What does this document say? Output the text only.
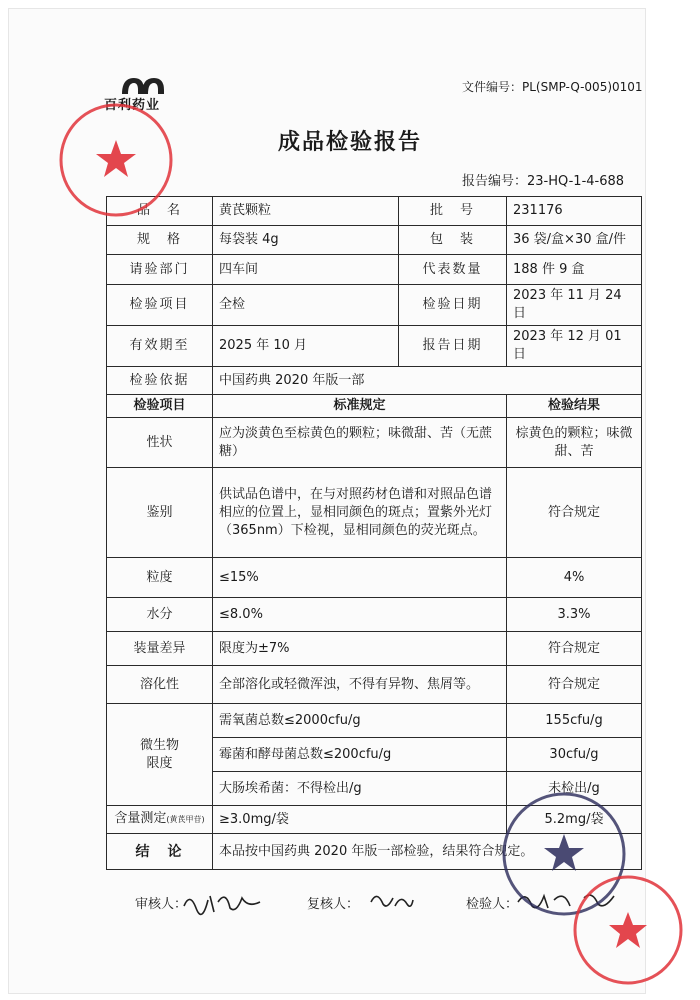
百利药业
文件编号：PL(SMP-Q-005)0101
成品检验报告
报告编号：23-HQ-1-4-688
品　名	黄芪颗粒	批　号	231176
规　格	每袋装 4g	包　装	36 袋/盒×30 盒/件
请验部门	四车间	代表数量	188 件 9 盒
检验项目	全检	检验日期	2023 年 11 月 24 日
有效期至	2025 年 10 月	报告日期	2023 年 12 月 01 日
检验依据	中国药典 2020 年版一部		
检验项目	标准规定		检验结果
性状	应为淡黄色至棕黄色的颗粒；味微甜、苦（无蔗糖）		棕黄色的颗粒；味微甜、苦
鉴别	供试品色谱中，在与对照药材色谱和对照品色谱相应的位置上，显相同颜色的斑点；置紫外光灯（365nm）下检视，显相同颜色的荧光斑点。		符合规定
粒度	≤15%		4%
水分	≤8.0%		3.3%
装量差异	限度为±7%		符合规定
溶化性	全部溶化或轻微浑浊，不得有异物、焦屑等。		符合规定
微生物
限度	需氧菌总数≤2000cfu/g		155cfu/g
	霉菌和酵母菌总数≤200cfu/g		30cfu/g
	大肠埃希菌：不得检出/g		未检出/g
含量测定(黄芪甲苷)	≥3.0mg/袋		5.2mg/袋
结　论	本品按中国药典 2020 年版一部检验，结果符合规定。		
审核人：	复核人：	检验人：
